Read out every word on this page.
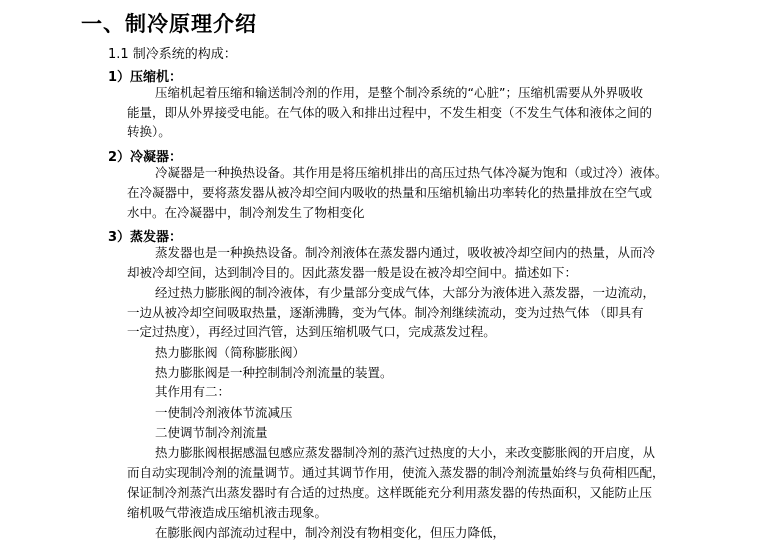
一、制冷原理介绍
1.1 制冷系统的构成：
1）压缩机：
压缩机起着压缩和输送制冷剂的作用，是整个制冷系统的“心脏”；压缩机需要从外界吸收
能量，即从外界接受电能。在气体的吸入和排出过程中，不发生相变（不发生气体和液体之间的
转换）。
2）冷凝器：
冷凝器是一种换热设备。其作用是将压缩机排出的高压过热气体冷凝为饱和（或过冷）液体。
在冷凝器中，要将蒸发器从被冷却空间内吸收的热量和压缩机输出功率转化的热量排放在空气或
水中。在冷凝器中，制冷剂发生了物相变化
3）蒸发器：
蒸发器也是一种换热设备。制冷剂液体在蒸发器内通过，吸收被冷却空间内的热量，从而冷
却被冷却空间，达到制冷目的。因此蒸发器一般是设在被冷却空间中。描述如下：
经过热力膨胀阀的制冷液体，有少量部分变成气体，大部分为液体进入蒸发器，一边流动，
一边从被冷却空间吸取热量，逐渐沸腾，变为气体。制冷剂继续流动，变为过热气体 （即具有
一定过热度），再经过回汽管，达到压缩机吸气口，完成蒸发过程。
热力膨胀阀（简称膨胀阀）
热力膨胀阀是一种控制制冷剂流量的装置。
其作用有二：
一使制冷剂液体节流减压
二使调节制冷剂流量
热力膨胀阀根据感温包感应蒸发器制冷剂的蒸汽过热度的大小，来改变膨胀阀的开启度，从
而自动实现制冷剂的流量调节。通过其调节作用，使流入蒸发器的制冷剂流量始终与负荷相匹配，
保证制冷剂蒸汽出蒸发器时有合适的过热度。这样既能充分利用蒸发器的传热面积，又能防止压
缩机吸气带液造成压缩机液击现象。
在膨胀阀内部流动过程中，制冷剂没有物相变化，但压力降低，
